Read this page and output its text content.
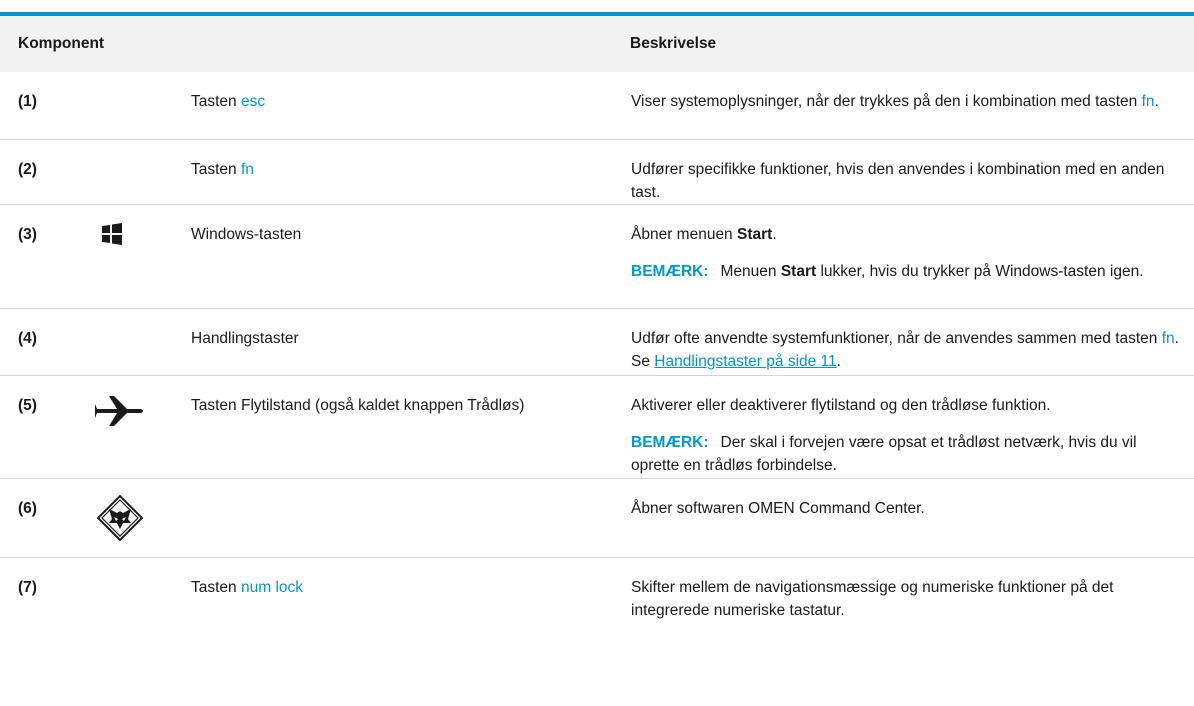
Komponent			Beskrivelse
(1)		Tasten esc	Viser systemoplysninger, når der trykkes på den i kombination med tasten fn.
(2)		Tasten fn	Udfører specifikke funktioner, hvis den anvendes i kombination med en anden tast.
(3)		Windows-tasten	Åbner menuen Start.

BEMÆRK: Menuen Start lukker, hvis du trykker på Windows-tasten igen.

(4)		Handlingstaster	Udfør ofte anvendte systemfunktioner, når de anvendes sammen med tasten fn. Se Handlingstaster på side 11.
(5)		Tasten Flytilstand (også kaldet knappen Trådløs)	Aktiverer eller deaktiverer flytilstand og den trådløse funktion.

BEMÆRK: Der skal i forvejen være opsat et trådløst netværk, hvis du vil oprette en trådløs forbindelse.

(6)			Åbner softwaren OMEN Command Center.
(7)		Tasten num lock	Skifter mellem de navigationsmæssige og numeriske funktioner på det integrerede numeriske tastatur.
